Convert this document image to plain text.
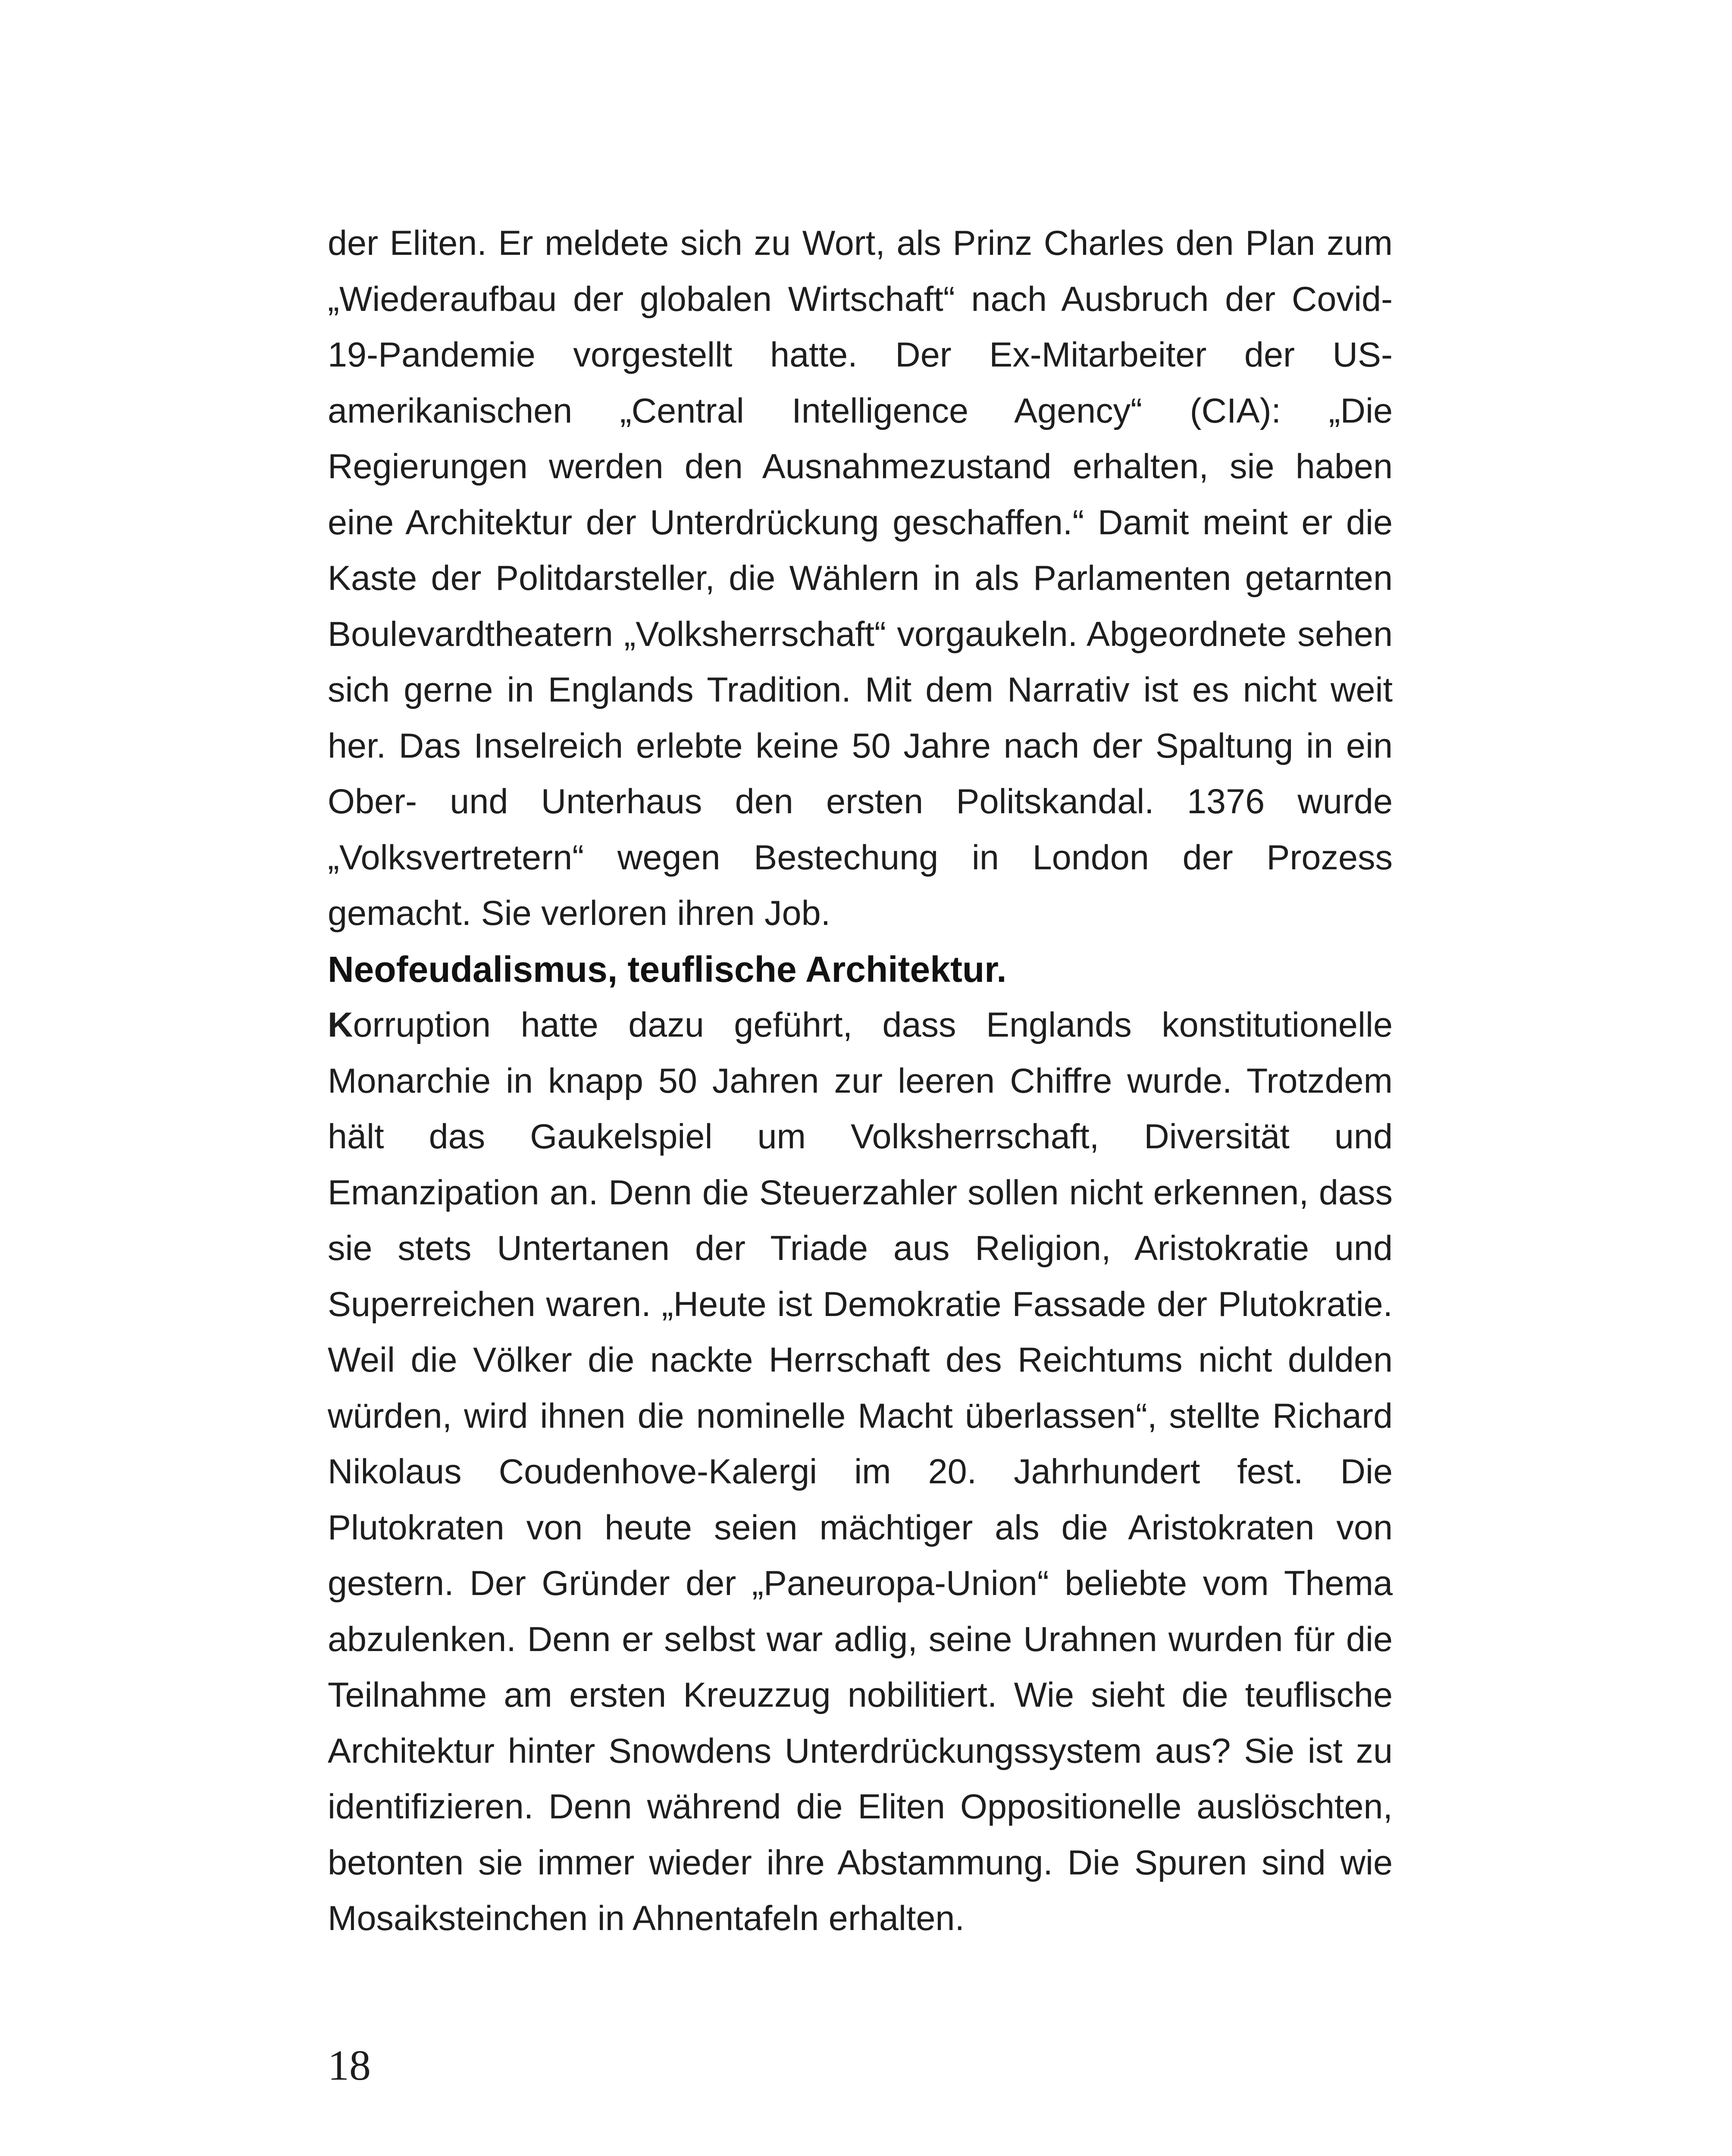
der Eliten. Er meldete sich zu Wort, als Prinz Charles den Plan zum „Wiederaufbau der globalen Wirtschaft“ nach Ausbruch der Covid-19-Pandemie vorgestellt hatte. Der Ex-Mitarbeiter der US-amerikanischen „Central Intelligence Agency“ (CIA): „Die Regierungen werden den Ausnahmezustand erhalten, sie haben eine Architektur der Unterdrückung geschaffen.“ Damit meint er die Kaste der Politdarsteller, die Wählern in als Parlamenten getarnten Boulevardtheatern „Volksherrschaft“ vorgaukeln. Abgeordnete sehen sich gerne in Englands Tradition. Mit dem Narrativ ist es nicht weit her. Das Inselreich erlebte keine 50 Jahre nach der Spaltung in ein Ober- und Unterhaus den ersten Politskandal. 1376 wurde „Volksvertretern“ wegen Bestechung in London der Prozess gemacht. Sie verloren ihren Job.

Neofeudalismus, teuflische Architektur.

Korruption hatte dazu geführt, dass Englands konstitutionelle Monarchie in knapp 50 Jahren zur leeren Chiffre wurde. Trotzdem hält das Gaukelspiel um Volksherrschaft, Diversität und Emanzipation an. Denn die Steuerzahler sollen nicht erkennen, dass sie stets Untertanen der Triade aus Religion, Aristokratie und Superreichen waren. „Heute ist Demokratie Fassade der Plutokratie. Weil die Völker die nackte Herrschaft des Reichtums nicht dulden würden, wird ihnen die nominelle Macht überlassen“, stellte Richard Nikolaus Coudenhove-Kalergi im 20. Jahrhundert fest. Die Plutokraten von heute seien mächtiger als die Aristokraten von gestern. Der Gründer der „Paneuropa-Union“ beliebte vom Thema abzulenken. Denn er selbst war adlig, seine Urahnen wurden für die Teilnahme am ersten Kreuzzug nobilitiert. Wie sieht die teuflische Architektur hinter Snowdens Unterdrückungssystem aus? Sie ist zu identifizieren. Denn während die Eliten Oppositionelle auslöschten, betonten sie immer wieder ihre Abstammung. Die Spuren sind wie Mosaiksteinchen in Ahnentafeln erhalten.

18
